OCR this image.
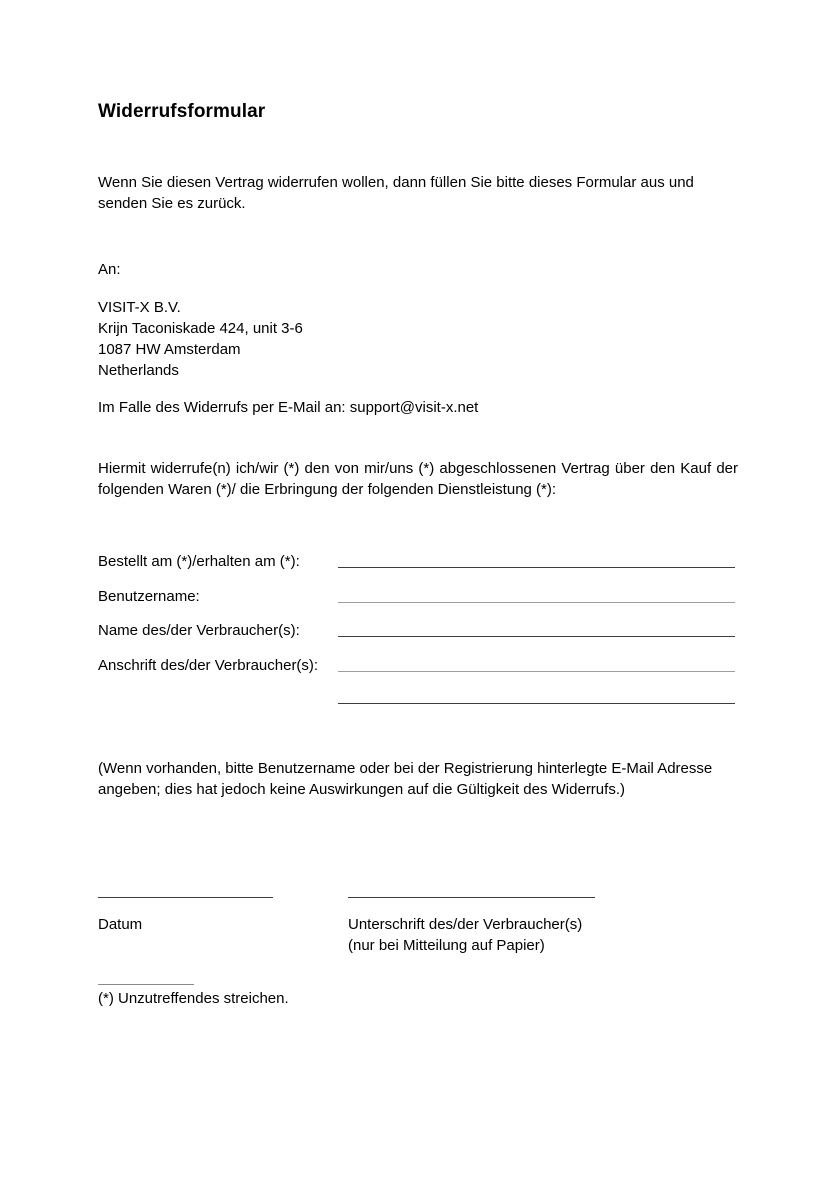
Widerrufsformular

Wenn Sie diesen Vertrag widerrufen wollen, dann füllen Sie bitte dieses Formular aus und senden Sie es zurück.

An:

VISIT-X B.V.
Krijn Taconiskade 424, unit 3-6
1087 HW Amsterdam
Netherlands

Im Falle des Widerrufs per E-Mail an: support@visit-x.net

Hiermit widerrufe(n) ich/wir (*) den von mir/uns (*) abgeschlossenen Vertrag über den Kauf der folgenden Waren (*)/ die Erbringung der folgenden Dienstleistung (*):

Bestellt am (*)/erhalten am (*):
Benutzername:
Name des/der Verbraucher(s):
Anschrift des/der Verbraucher(s):

(Wenn vorhanden, bitte Benutzername oder bei der Registrierung hinterlegte E-Mail Adresse angeben; dies hat jedoch keine Auswirkungen auf die Gültigkeit des Widerrufs.)

Datum	Unterschrift des/der Verbraucher(s)
(nur bei Mitteilung auf Papier)

(*) Unzutreffendes streichen.
